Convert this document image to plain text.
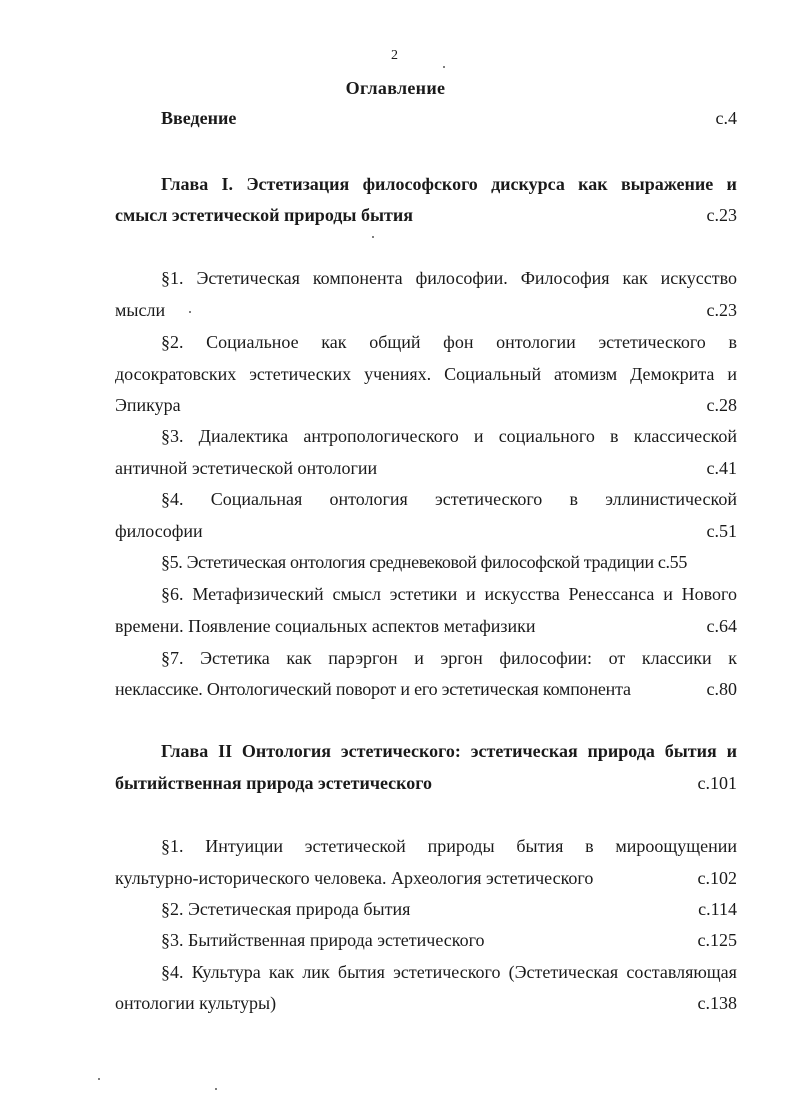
2
Оглавление
Введение	с.4
Глава I. Эстетизация философского дискурса как выражение и
смысл эстетической природы бытия	с.23
§1. Эстетическая компонента философии. Философия как искусство
мысли	с.23
§2. Социальное как общий фон онтологии эстетического в
досократовских эстетических учениях. Социальный атомизм Демокрита и
Эпикура	с.28
§3. Диалектика антропологического и социального в классической
античной эстетической онтологии	с.41
§4. Социальная онтология эстетического в эллинистической
философии	с.51
§5. Эстетическая онтология средневековой философской традиции с.55
§6. Метафизический смысл эстетики и искусства Ренессанса и Нового
времени. Появление социальных аспектов метафизики	с.64
§7. Эстетика как парэргон и эргон философии: от классики к
неклассике. Онтологический поворот и его эстетическая компонента	с.80
Глава II Онтология эстетического: эстетическая природа бытия и
бытийственная природа эстетического	с.101
§1. Интуиции эстетической природы бытия в мироощущении
культурно-исторического человека. Археология эстетического	с.102
§2. Эстетическая природа бытия	с.114
§3. Бытийственная природа эстетического	с.125
§4. Культура как лик бытия эстетического (Эстетическая составляющая
онтологии культуры)	с.138
